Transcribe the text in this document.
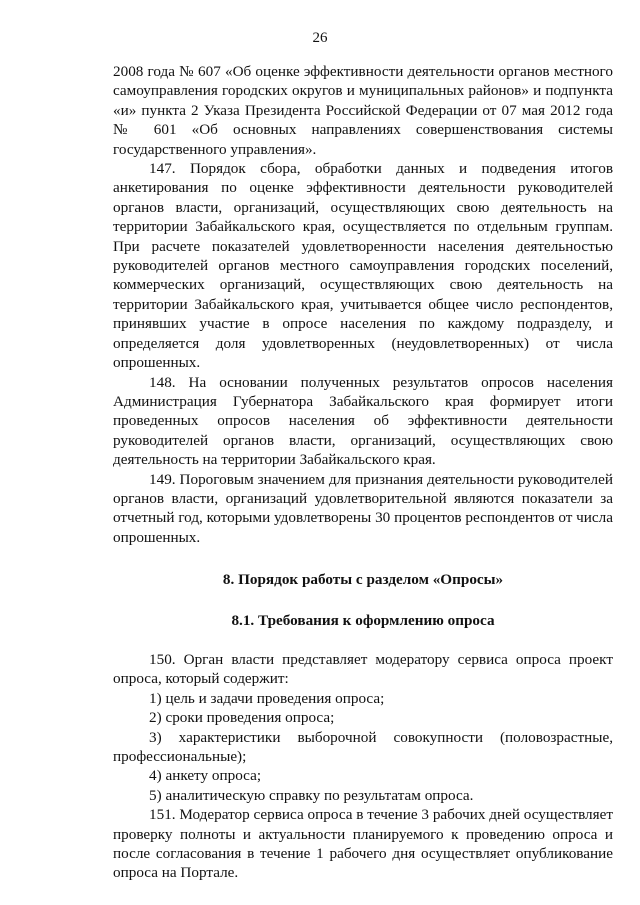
26

2008 года № 607 «Об оценке эффективности деятельности органов местного самоуправления городских округов и муниципальных районов» и подпункта «и» пункта 2 Указа Президента Российской Федерации от 07 мая 2012 года № 601 «Об основных направлениях совершенствования системы государственного управления».

147. Порядок сбора, обработки данных и подведения итогов анкетирования по оценке эффективности деятельности руководителей органов власти, организаций, осуществляющих свою деятельность на территории Забайкальского края, осуществляется по отдельным группам. При расчете показателей удовлетворенности населения деятельностью руководителей органов местного самоуправления городских поселений, коммерческих организаций, осуществляющих свою деятельность на территории Забайкальского края, учитывается общее число респондентов, принявших участие в опросе населения по каждому подразделу, и определяется доля удовлетворенных (неудовлетворенных) от числа опрошенных.

148. На основании полученных результатов опросов населения Администрация Губернатора Забайкальского края формирует итоги проведенных опросов населения об эффективности деятельности руководителей органов власти, организаций, осуществляющих свою деятельность на территории Забайкальского края.

149. Пороговым значением для признания деятельности руководителей органов власти, организаций удовлетворительной являются показатели за отчетный год, которыми удовлетворены 30 процентов респондентов от числа опрошенных.

8. Порядок работы с разделом «Опросы»

8.1. Требования к оформлению опроса

150. Орган власти представляет модератору сервиса опроса проект опроса, который содержит:

1) цель и задачи проведения опроса;

2) сроки проведения опроса;

3) характеристики выборочной совокупности (половозрастные, профессиональные);

4) анкету опроса;

5) аналитическую справку по результатам опроса.

151. Модератор сервиса опроса в течение 3 рабочих дней осуществляет проверку полноты и актуальности планируемого к проведению опроса и после согласования в течение 1 рабочего дня осуществляет опубликование опроса на Портале.
